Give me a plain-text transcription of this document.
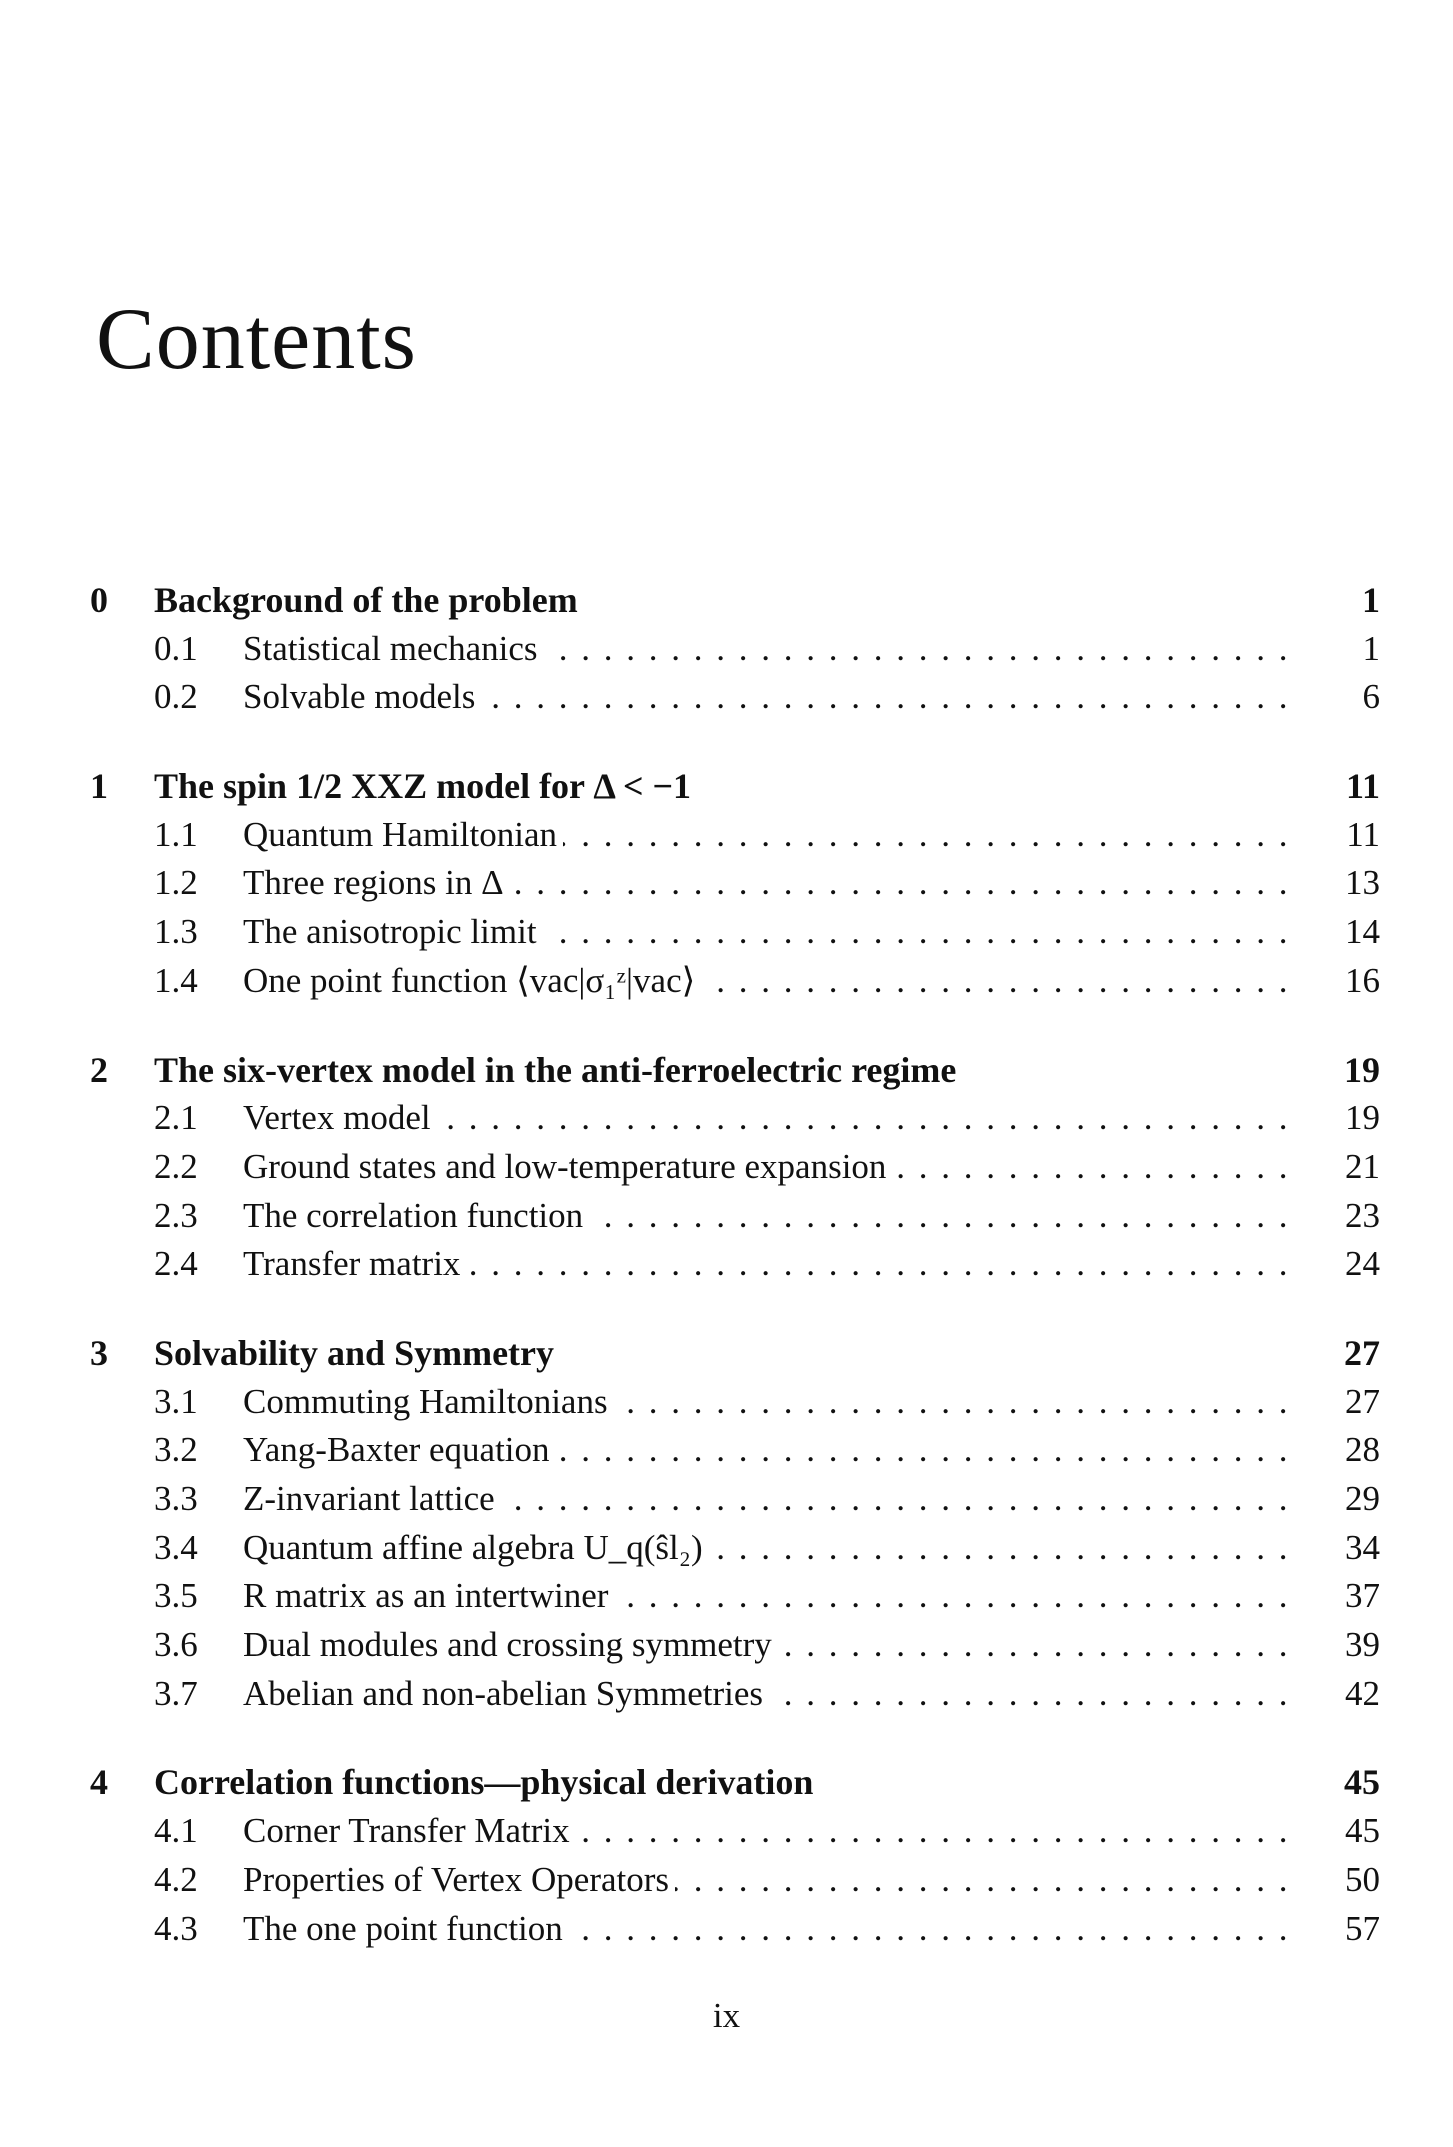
Contents
0 Background of the problem	1
0.1 Statistical mechanics . . .	1
0.2 Solvable models . . .	6
1 The spin 1/2 XXZ model for Δ < −1	11
1.1 Quantum Hamiltonian . . .	11
1.2 Three regions in Δ . . .	13
1.3 The anisotropic limit . . .	14
1.4 One point function ⟨vac|σ₁ᶻ|vac⟩ . . .	16
2 The six-vertex model in the anti-ferroelectric regime	19
2.1 Vertex model . . .	19
2.2 Ground states and low-temperature expansion . . .	21
2.3 The correlation function . . .	23
2.4 Transfer matrix . . .	24
3 Solvability and Symmetry	27
3.1 Commuting Hamiltonians . . .	27
3.2 Yang-Baxter equation . . .	28
3.3 Z-invariant lattice . . .	29
3.4 Quantum affine algebra U_q(ŝl₂) . . .	34
3.5 R matrix as an intertwiner . . .	37
3.6 Dual modules and crossing symmetry . . .	39
3.7 Abelian and non-abelian Symmetries . . .	42
4 Correlation functions—physical derivation	45
4.1 Corner Transfer Matrix . . .	45
4.2 Properties of Vertex Operators . . .	50
4.3 The one point function . . .	57
ix
